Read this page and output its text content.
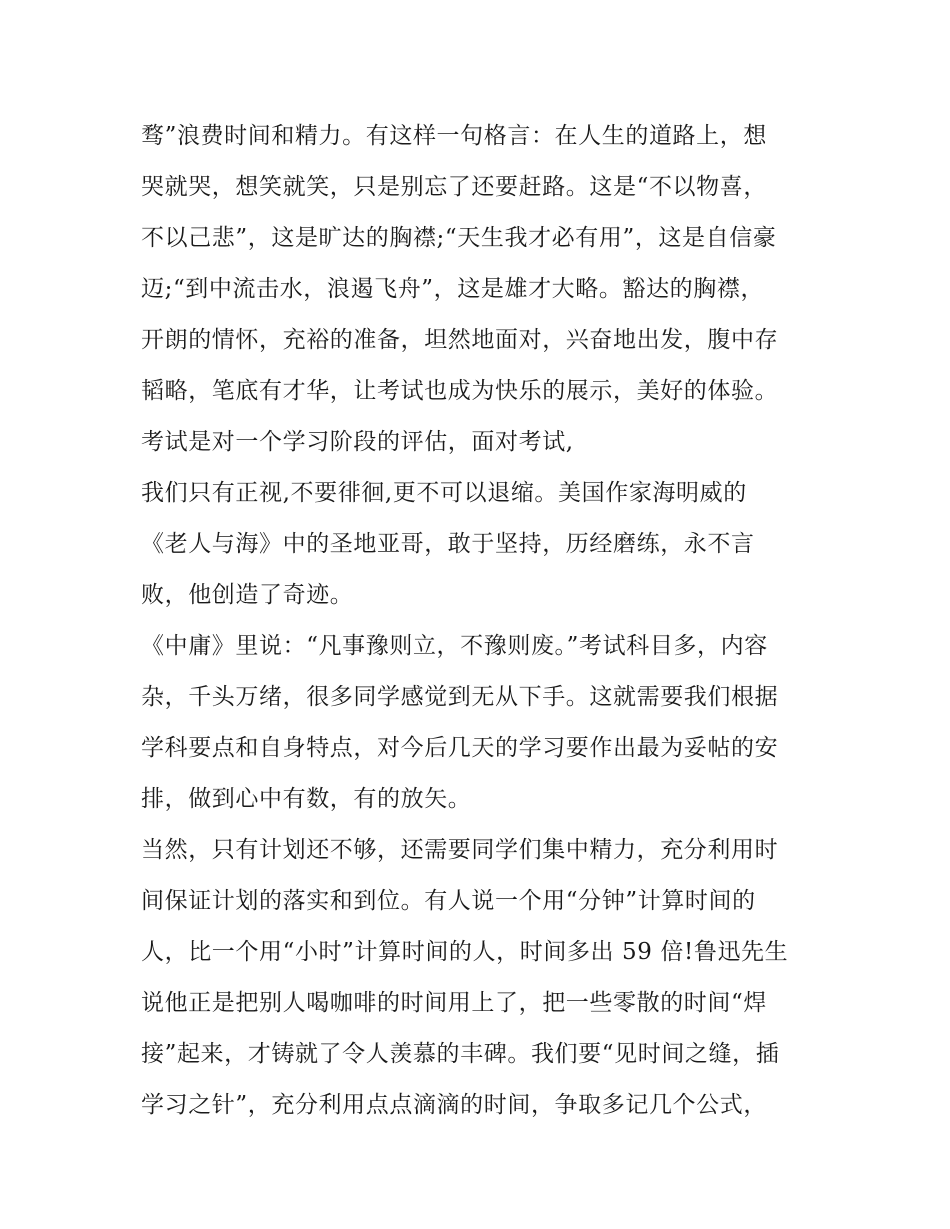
骛”浪费时间和精力。有这样一句格言：在人生的道路上，想
哭就哭，想笑就笑，只是别忘了还要赶路。这是“不以物喜，
不以己悲”，这是旷达的胸襟;“天生我才必有用”，这是自信豪
迈;“到中流击水，浪遏飞舟”，这是雄才大略。豁达的胸襟，
开朗的情怀，充裕的准备，坦然地面对，兴奋地出发，腹中存
韬略，笔底有才华，让考试也成为快乐的展示，美好的体验。
考试是对一个学习阶段的评估，面对考试,
我们只有正视,不要徘徊,更不可以退缩。美国作家海明威的
《老人与海》中的圣地亚哥，敢于坚持，历经磨练，永不言
败，他创造了奇迹。
《中庸》里说：“凡事豫则立，不豫则废。”考试科目多，内容
杂，千头万绪，很多同学感觉到无从下手。这就需要我们根据
学科要点和自身特点，对今后几天的学习要作出最为妥帖的安
排，做到心中有数，有的放矢。
当然，只有计划还不够，还需要同学们集中精力，充分利用时
间保证计划的落实和到位。有人说一个用“分钟”计算时间的
人，比一个用“小时”计算时间的人，时间多出 59 倍!鲁迅先生
说他正是把别人喝咖啡的时间用上了，把一些零散的时间“焊
接”起来，才铸就了令人羡慕的丰碑。我们要“见时间之缝，插
学习之针”，充分利用点点滴滴的时间，争取多记几个公式，
